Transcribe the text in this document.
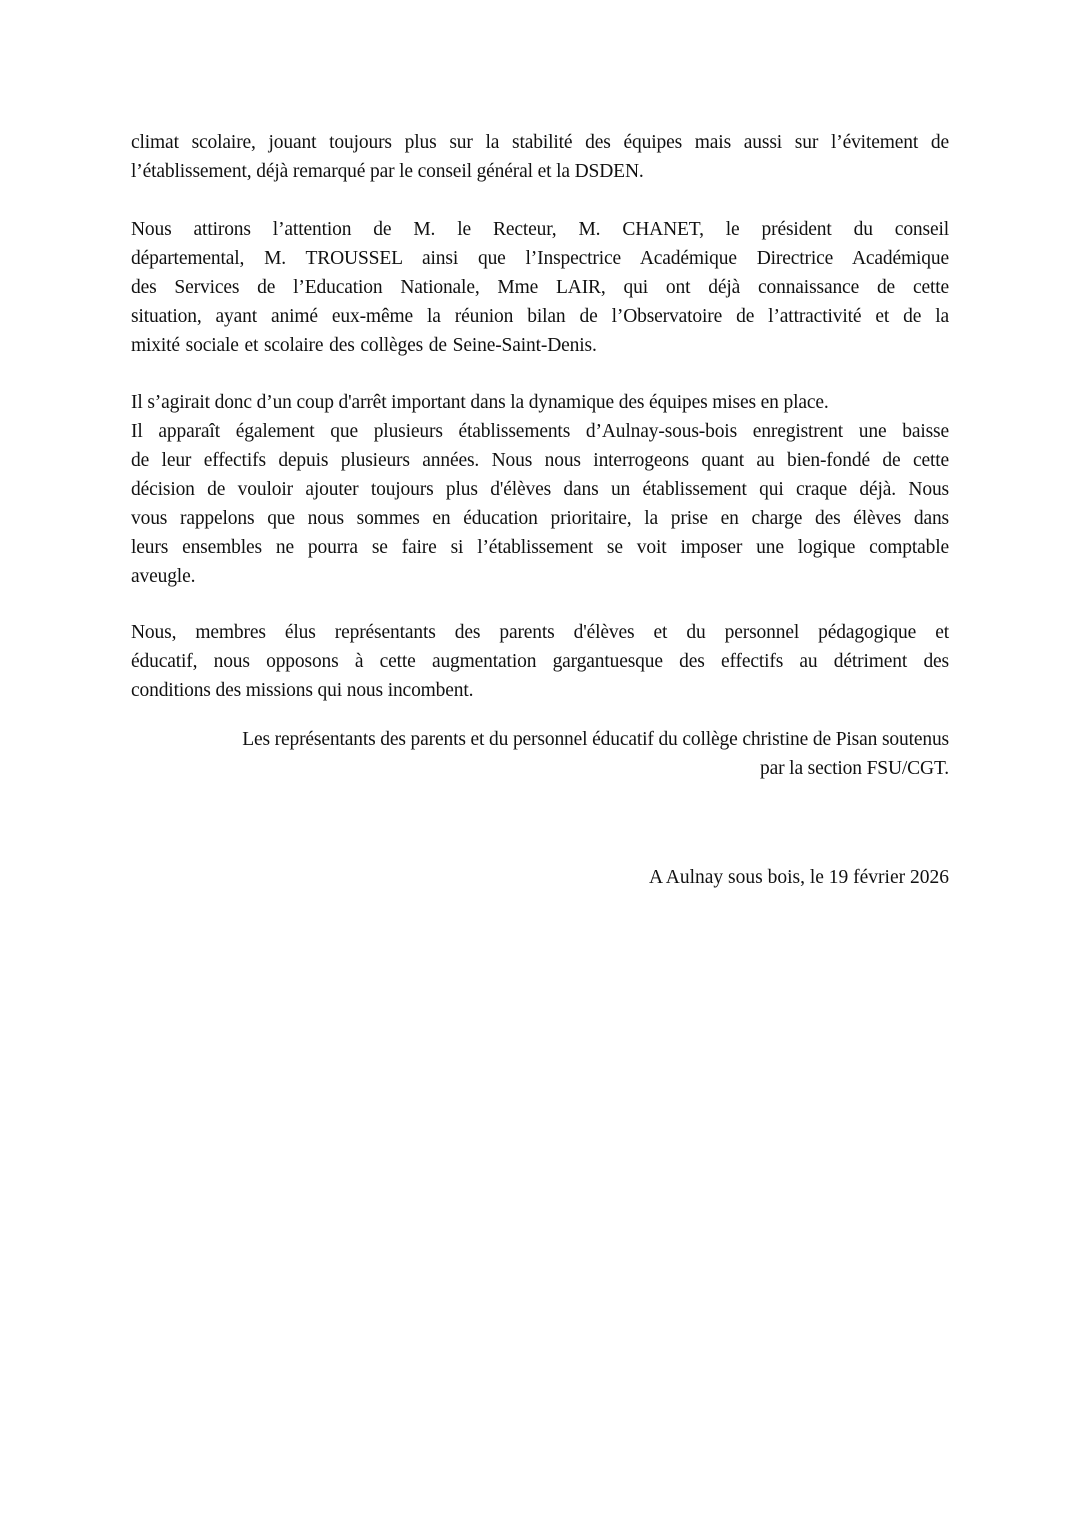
climat scolaire, jouant toujours plus sur la stabilité des équipes mais aussi sur l’évitement de
l’établissement, déjà remarqué par le conseil général et la DSDEN.

Nous attirons l’attention de M. le Recteur, M. CHANET, le président du conseil
départemental, M. TROUSSEL ainsi que l’Inspectrice Académique Directrice Académique
des Services de l’Education Nationale, Mme LAIR, qui ont déjà connaissance de cette
situation, ayant animé eux-même la réunion bilan de l’Observatoire de l’attractivité et de la
mixité sociale et scolaire des collèges de Seine-Saint-Denis.

Il s’agirait donc d’un coup d'arrêt important dans la dynamique des équipes mises en place.
Il apparaît également que plusieurs établissements d’Aulnay-sous-bois enregistrent une baisse
de leur effectifs depuis plusieurs années. Nous nous interrogeons quant au bien-fondé de cette
décision de vouloir ajouter toujours plus d'élèves dans un établissement qui craque déjà. Nous
vous rappelons que nous sommes en éducation prioritaire, la prise en charge des élèves dans
leurs ensembles ne pourra se faire si l’établissement se voit imposer une logique comptable
aveugle.

Nous, membres élus représentants des parents d'élèves et du personnel pédagogique et
éducatif, nous opposons à cette augmentation gargantuesque des effectifs au détriment des
conditions des missions qui nous incombent.

Les représentants des parents et du personnel éducatif du collège christine de Pisan soutenus
par la section FSU/CGT.

A Aulnay sous bois, le 19 février 2026
